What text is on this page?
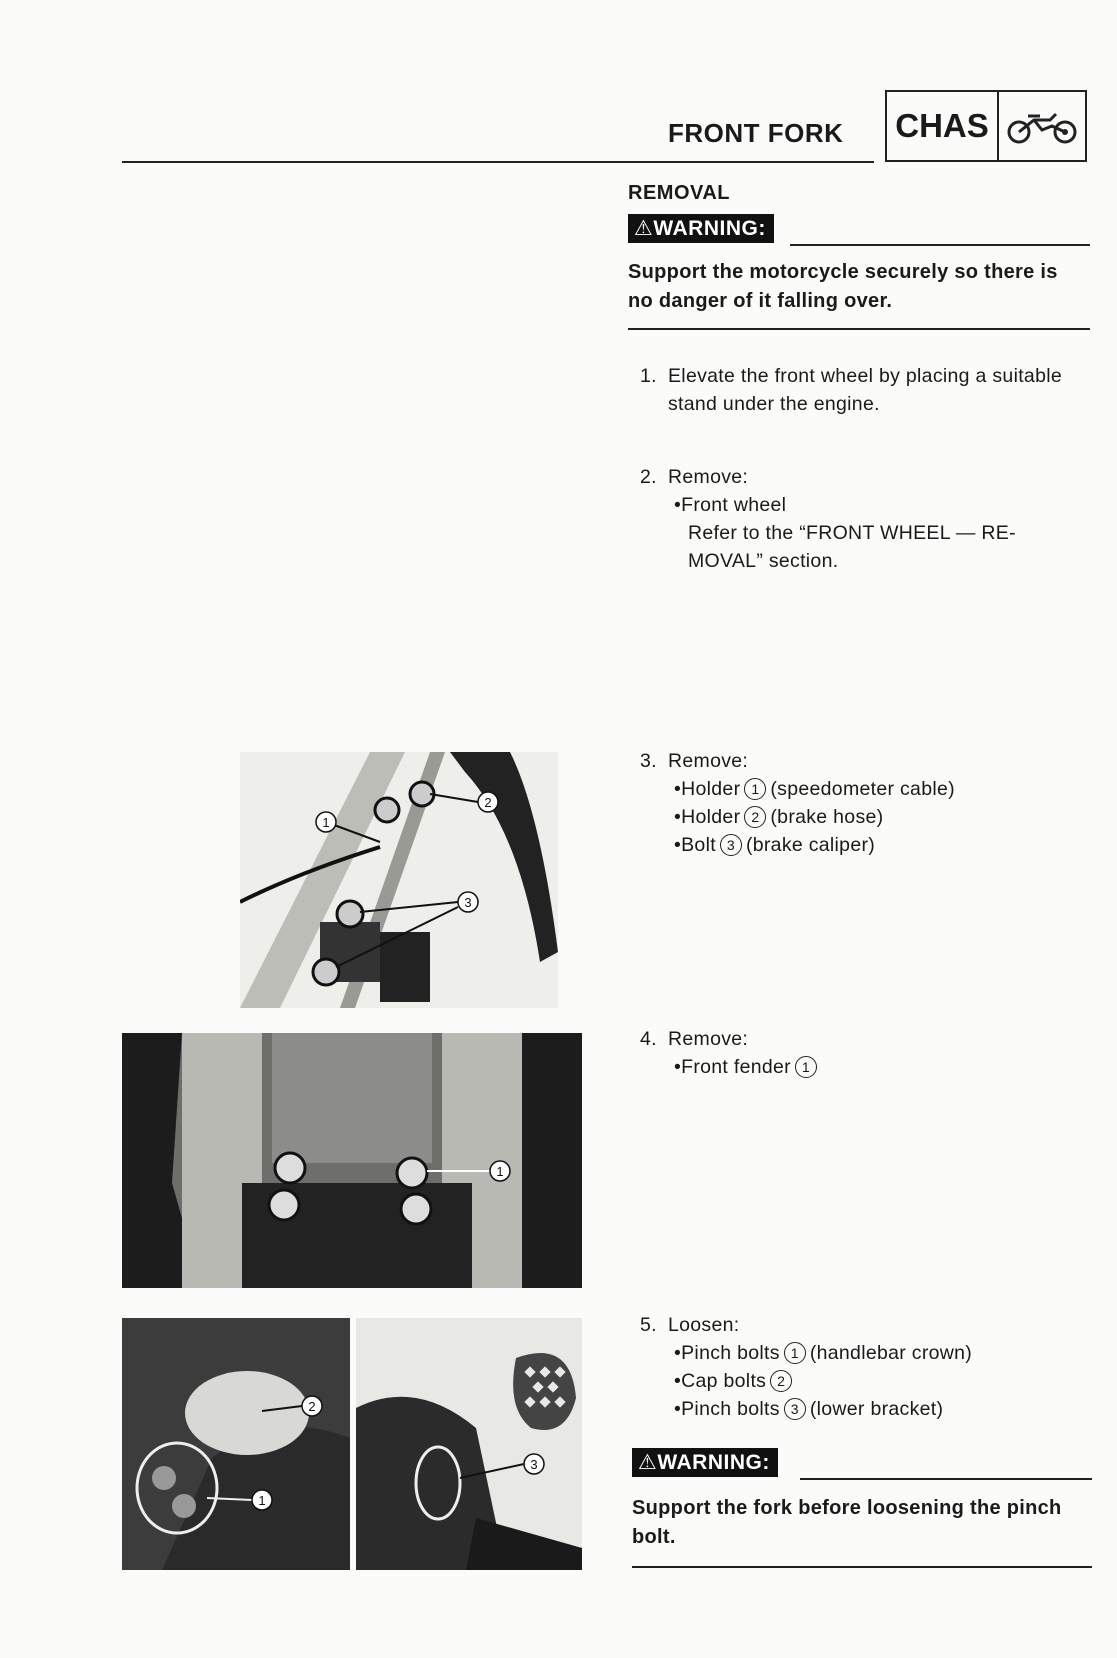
FRONT FORK CHAS
REMOVAL
⚠WARNING:
Support the motorcycle securely so there is
no danger of it falling over.
1. Elevate the front wheel by placing a suitable
stand under the engine.
2. Remove:
•Front wheel
Refer to the “FRONT WHEEL — RE-
MOVAL” section.
3. Remove:
•Holder 1 (speedometer cable)
•Holder 2 (brake hose)
•Bolt 3 (brake caliper)
4. Remove:
•Front fender 1
5. Loosen:
•Pinch bolts 1 (handlebar crown)
•Cap bolts 2
•Pinch bolts 3 (lower bracket)
⚠WARNING:
Support the fork before loosening the pinch
bolt.
1
2
3
1
2
1
3
